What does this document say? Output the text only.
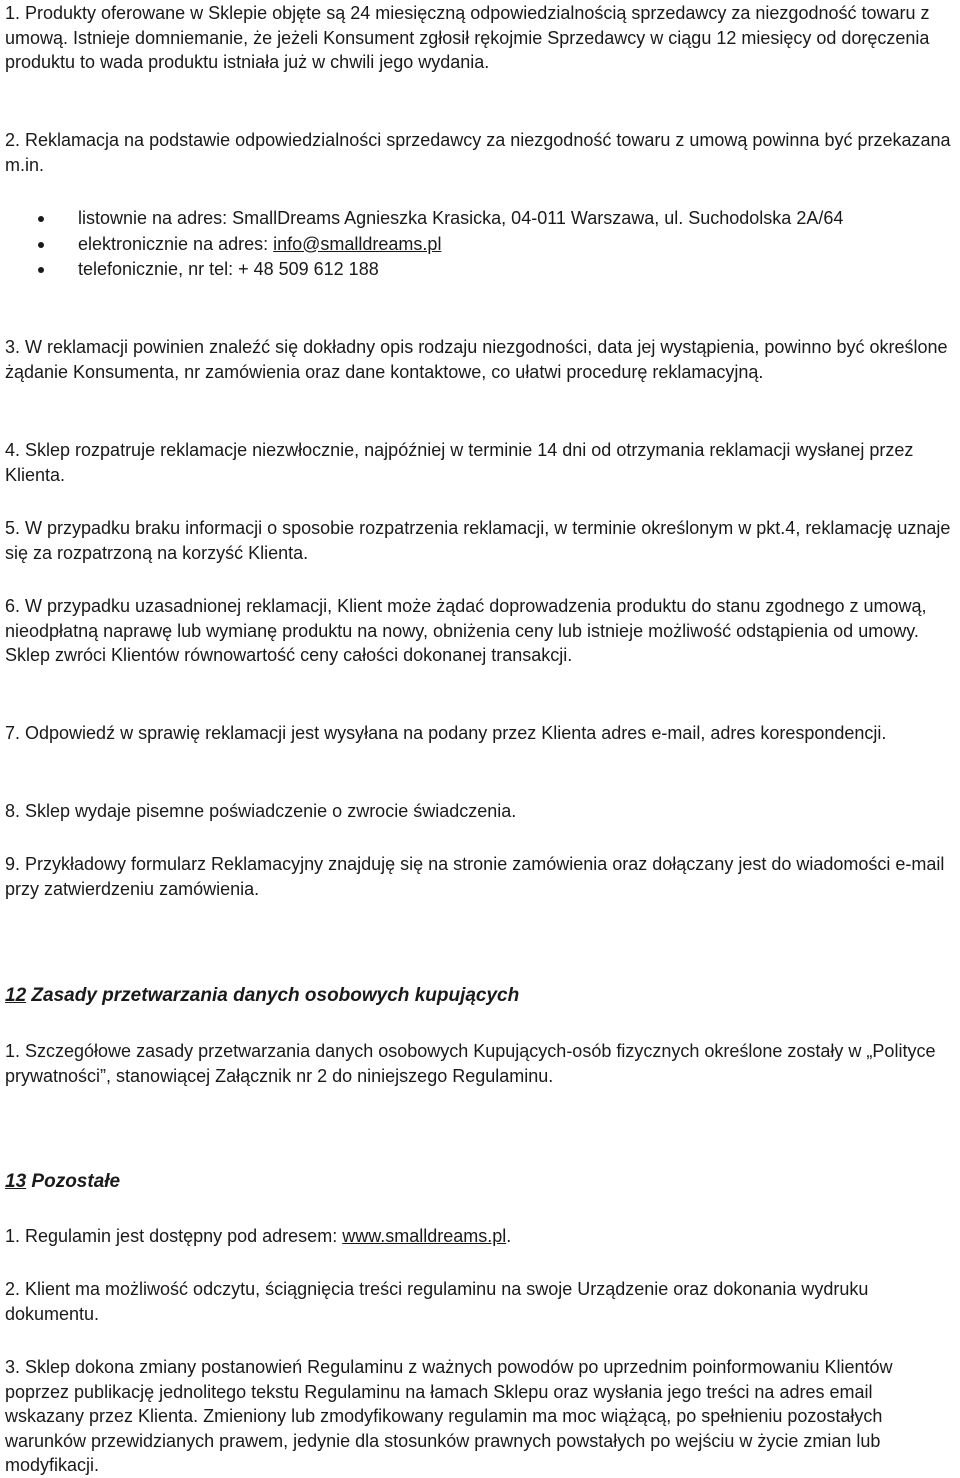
1. Produkty oferowane w Sklepie objęte są 24 miesięczną odpowiedzialnością sprzedawcy za niezgodność towaru z umową. Istnieje domniemanie, że jeżeli Konsument zgłosił rękojmie Sprzedawcy w ciągu 12 miesięcy od doręczenia produktu to wada produktu istniała już w chwili jego wydania.

2. Reklamacja na podstawie odpowiedzialności sprzedawcy za niezgodność towaru z umową powinna być przekazana m.in.

listownie na adres: SmallDreams Agnieszka Krasicka, 04-011 Warszawa, ul. Suchodolska 2A/64
elektronicznie na adres: info@smalldreams.pl
telefonicznie, nr tel: + 48 509 612 188

3. W reklamacji powinien znaleźć się dokładny opis rodzaju niezgodności, data jej wystąpienia, powinno być określone żądanie Konsumenta, nr zamówienia oraz dane kontaktowe, co ułatwi procedurę reklamacyjną.

4. Sklep rozpatruje reklamacje niezwłocznie, najpóźniej w terminie 14 dni od otrzymania reklamacji wysłanej przez Klienta.

5. W przypadku braku informacji o sposobie rozpatrzenia reklamacji, w terminie określonym w pkt.4, reklamację uznaje się za rozpatrzoną na korzyść Klienta.

6. W przypadku uzasadnionej reklamacji, Klient może żądać doprowadzenia produktu do stanu zgodnego z umową, nieodpłatną naprawę lub wymianę produktu na nowy, obniżenia ceny lub istnieje możliwość odstąpienia od umowy. Sklep zwróci Klientów równowartość ceny całości dokonanej transakcji.

7. Odpowiedź w sprawię reklamacji jest wysyłana na podany przez Klienta adres e-mail, adres korespondencji.

8. Sklep wydaje pisemne poświadczenie o zwrocie świadczenia.

9. Przykładowy formularz Reklamacyjny znajduję się na stronie zamówienia oraz dołączany jest do wiadomości e-mail przy zatwierdzeniu zamówienia.

12 Zasady przetwarzania danych osobowych kupujących

1. Szczegółowe zasady przetwarzania danych osobowych Kupujących-osób fizycznych określone zostały w „Polityce prywatności”, stanowiącej Załącznik nr 2 do niniejszego Regulaminu.

13 Pozostałe

1. Regulamin jest dostępny pod adresem: www.smalldreams.pl.

2. Klient ma możliwość odczytu, ściągnięcia treści regulaminu na swoje Urządzenie oraz dokonania wydruku dokumentu.

3. Sklep dokona zmiany postanowień Regulaminu z ważnych powodów po uprzednim poinformowaniu Klientów poprzez publikację jednolitego tekstu Regulaminu na łamach Sklepu oraz wysłania jego treści na adres email wskazany przez Klienta. Zmieniony lub zmodyfikowany regulamin ma moc wiążącą, po spełnieniu pozostałych warunków przewidzianych prawem, jedynie dla stosunków prawnych powstałych po wejściu w życie zmian lub modyfikacji.
